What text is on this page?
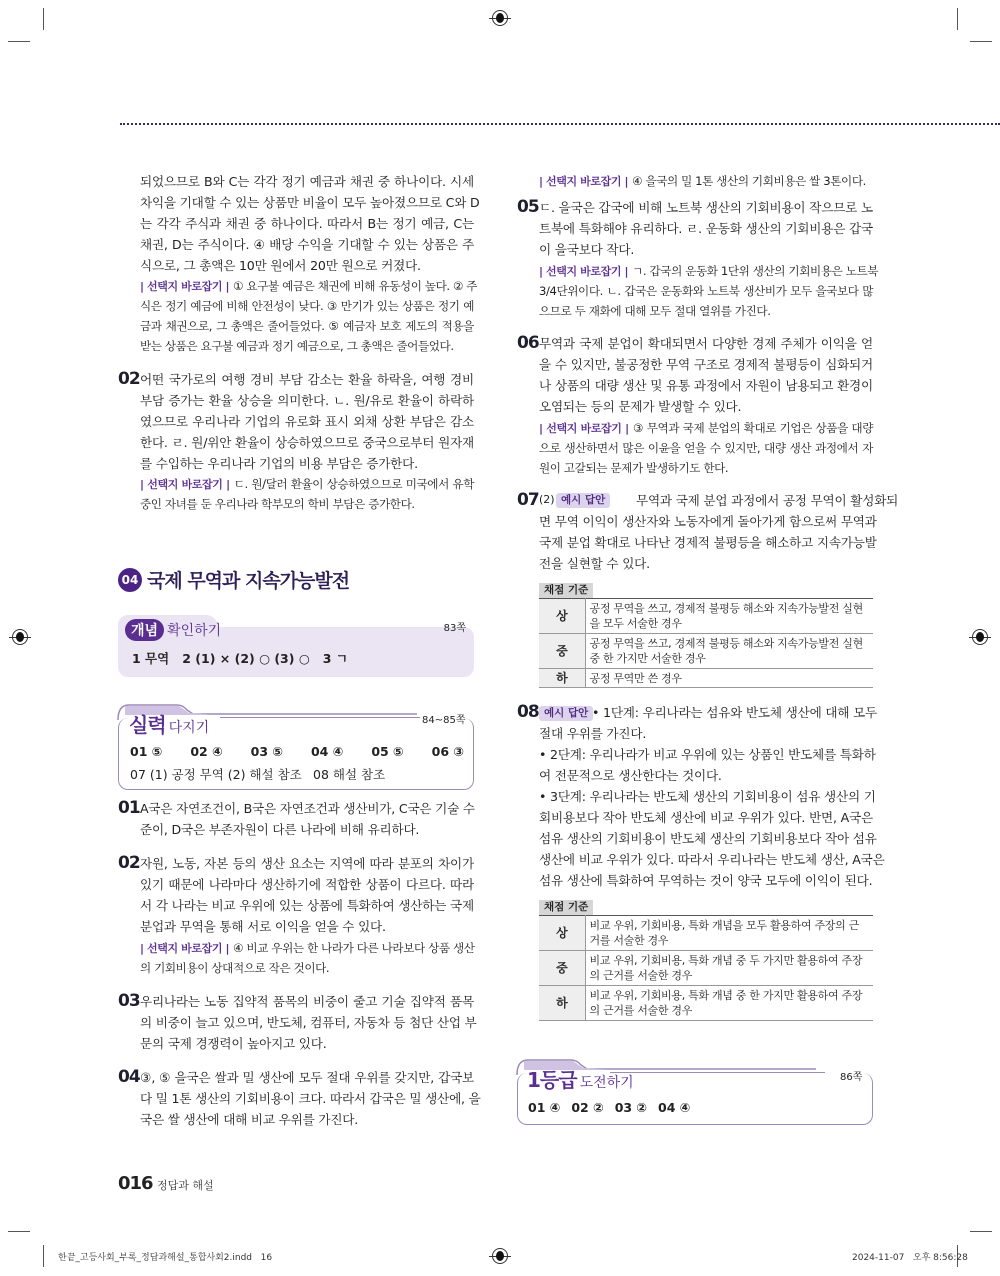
되었으므로 B와 C는 각각 정기 예금과 채권 중 하나이다. 시세
차익을 기대할 수 있는 상품만 비율이 모두 높아졌으므로 C와 D
는 각각 주식과 채권 중 하나이다. 따라서 B는 정기 예금, C는
채권, D는 주식이다. ④ 배당 수익을 기대할 수 있는 상품은 주
식으로, 그 총액은 10만 원에서 20만 원으로 커졌다.
| 선택지 바로잡기 | ① 요구불 예금은 채권에 비해 유동성이 높다. ② 주
식은 정기 예금에 비해 안전성이 낮다. ③ 만기가 있는 상품은 정기 예
금과 채권으로, 그 총액은 줄어들었다. ⑤ 예금자 보호 제도의 적용을
받는 상품은 요구불 예금과 정기 예금으로, 그 총액은 줄어들었다.
02 어떤 국가로의 여행 경비 부담 감소는 환율 하락을, 여행 경비
부담 증가는 환율 상승을 의미한다. ㄴ. 원/유로 환율이 하락하
였으므로 우리나라 기업의 유로화 표시 외채 상환 부담은 감소
한다. ㄹ. 원/위안 환율이 상승하였으므로 중국으로부터 원자재
를 수입하는 우리나라 기업의 비용 부담은 증가한다.
| 선택지 바로잡기 | ㄷ. 원/달러 환율이 상승하였으므로 미국에서 유학
중인 자녀를 둔 우리나라 학부모의 학비 부담은 증가한다.
04 국제 무역과 지속가능발전
개념 확인하기	83쪽
1 무역   2 (1) × (2) ○ (3) ○   3 ㄱ
실력 다지기	84~85쪽
01 ⑤ 02 ④ 03 ⑤ 04 ④ 05 ⑤ 06 ③
07 (1) 공정 무역 (2) 해설 참조 08 해설 참조
01 A국은 자연조건이, B국은 자연조건과 생산비가, C국은 기술 수
준이, D국은 부존자원이 다른 나라에 비해 유리하다.
02 자원, 노동, 자본 등의 생산 요소는 지역에 따라 분포의 차이가
있기 때문에 나라마다 생산하기에 적합한 상품이 다르다. 따라
서 각 나라는 비교 우위에 있는 상품에 특화하여 생산하는 국제
분업과 무역을 통해 서로 이익을 얻을 수 있다.
| 선택지 바로잡기 | ④ 비교 우위는 한 나라가 다른 나라보다 상품 생산
의 기회비용이 상대적으로 작은 것이다.
03 우리나라는 노동 집약적 품목의 비중이 줄고 기술 집약적 품목
의 비중이 늘고 있으며, 반도체, 컴퓨터, 자동차 등 첨단 산업 부
문의 국제 경쟁력이 높아지고 있다.
04 ③, ⑤ 을국은 쌀과 밀 생산에 모두 절대 우위를 갖지만, 갑국보
다 밀 1톤 생산의 기회비용이 크다. 따라서 갑국은 밀 생산에, 을
국은 쌀 생산에 대해 비교 우위를 가진다.
| 선택지 바로잡기 | ④ 을국의 밀 1톤 생산의 기회비용은 쌀 3톤이다.
05 ㄷ. 을국은 갑국에 비해 노트북 생산의 기회비용이 작으므로 노
트북에 특화해야 유리하다. ㄹ. 운동화 생산의 기회비용은 갑국
이 을국보다 작다.
| 선택지 바로잡기 | ㄱ. 갑국의 운동화 1단위 생산의 기회비용은 노트북
3/4단위이다. ㄴ. 갑국은 운동화와 노트북 생산비가 모두 을국보다 많
으므로 두 재화에 대해 모두 절대 열위를 가진다.
06 무역과 국제 분업이 확대되면서 다양한 경제 주체가 이익을 얻
을 수 있지만, 불공정한 무역 구조로 경제적 불평등이 심화되거
나 상품의 대량 생산 및 유통 과정에서 자원이 남용되고 환경이
오염되는 등의 문제가 발생할 수 있다.
| 선택지 바로잡기 | ③ 무역과 국제 분업의 확대로 기업은 상품을 대량
으로 생산하면서 많은 이윤을 얻을 수 있지만, 대량 생산 과정에서 자
원이 고갈되는 문제가 발생하기도 한다.
07 (2) 예시 답안	무역과 국제 분업 과정에서 공정 무역이 활성화되
면 무역 이익이 생산자와 노동자에게 돌아가게 함으로써 무역과
국제 분업 확대로 나타난 경제적 불평등을 해소하고 지속가능발
전을 실현할 수 있다.
채점 기준
상	공정 무역을 쓰고, 경제적 불평등 해소와 지속가능발전 실현을 모두 서술한 경우
중	공정 무역을 쓰고, 경제적 불평등 해소와 지속가능발전 실현 중 한 가지만 서술한 경우
하	공정 무역만 쓴 경우
08 예시 답안 • 1단계: 우리나라는 섬유와 반도체 생산에 대해 모두
절대 우위를 가진다.
• 2단계: 우리나라가 비교 우위에 있는 상품인 반도체를 특화하
여 전문적으로 생산한다는 것이다.
• 3단계: 우리나라는 반도체 생산의 기회비용이 섬유 생산의 기
회비용보다 작아 반도체 생산에 비교 우위가 있다. 반면, A국은
섬유 생산의 기회비용이 반도체 생산의 기회비용보다 작아 섬유
생산에 비교 우위가 있다. 따라서 우리나라는 반도체 생산, A국은
섬유 생산에 특화하여 무역하는 것이 양국 모두에 이익이 된다.
채점 기준
상	비교 우위, 기회비용, 특화 개념을 모두 활용하여 주장의 근거를 서술한 경우
중	비교 우위, 기회비용, 특화 개념 중 두 가지만 활용하여 주장의 근거를 서술한 경우
하	비교 우위, 기회비용, 특화 개념 중 한 가지만 활용하여 주장의 근거를 서술한 경우
1등급 도전하기	86쪽
01 ④ 02 ② 03 ② 04 ④
016 정답과 해설
한끝_고등사회_부록_정답과해설_통합사회2.indd   16	2024-11-07   오후 8:56:28
